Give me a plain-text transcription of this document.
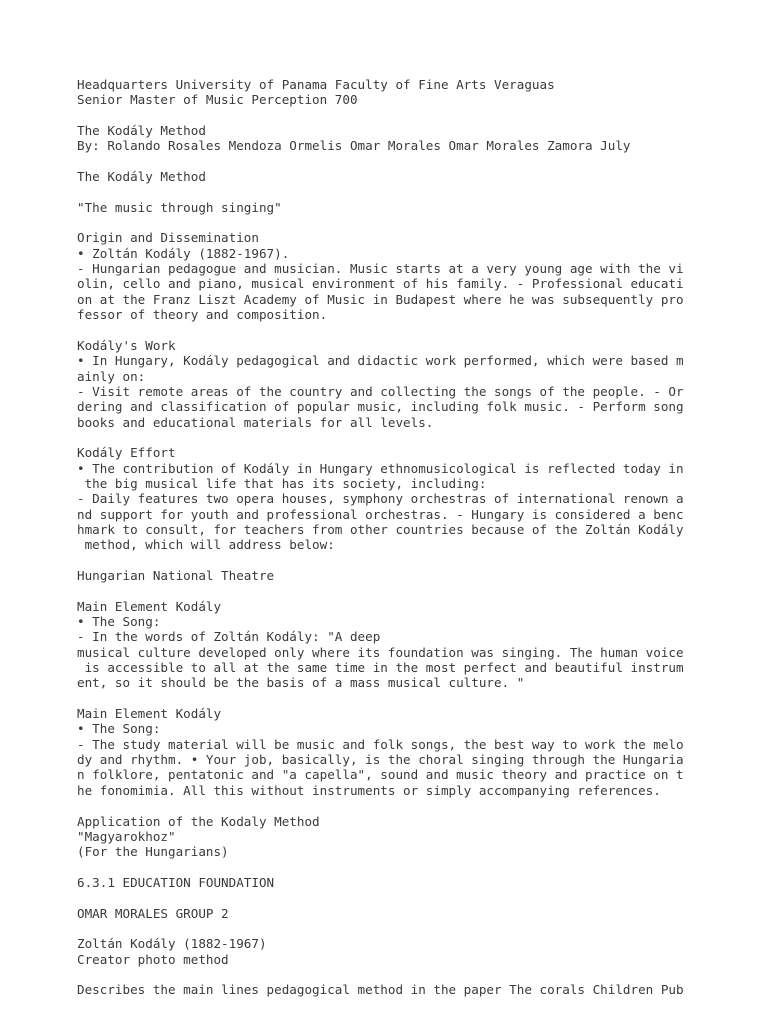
Headquarters University of Panama Faculty of Fine Arts Veraguas
Senior Master of Music Perception 700
The Kodály Method
By: Rolando Rosales Mendoza Ormelis Omar Morales Omar Morales Zamora July
The Kodály Method
"The music through singing"
Origin and Dissemination
• Zoltán Kodály (1882-1967).
- Hungarian pedagogue and musician. Music starts at a very young age with the vi
olin, cello and piano, musical environment of his family. - Professional educati
on at the Franz Liszt Academy of Music in Budapest where he was subsequently pro
fessor of theory and composition.
Kodály's Work
• In Hungary, Kodály pedagogical and didactic work performed, which were based m
ainly on:
- Visit remote areas of the country and collecting the songs of the people. - Or
dering and classification of popular music, including folk music. - Perform song
books and educational materials for all levels.
Kodály Effort
• The contribution of Kodály in Hungary ethnomusicological is reflected today in
the big musical life that has its society, including:
- Daily features two opera houses, symphony orchestras of international renown a
nd support for youth and professional orchestras. - Hungary is considered a benc
hmark to consult, for teachers from other countries because of the Zoltán Kodály
method, which will address below:
Hungarian National Theatre
Main Element Kodály
• The Song:
- In the words of Zoltán Kodály: "A deep
musical culture developed only where its foundation was singing. The human voice
is accessible to all at the same time in the most perfect and beautiful instrum
ent, so it should be the basis of a mass musical culture. "
Main Element Kodály
• The Song:
- The study material will be music and folk songs, the best way to work the melo
dy and rhythm. • Your job, basically, is the choral singing through the Hungaria
n folklore, pentatonic and "a capella", sound and music theory and practice on t
he fonomimia. All this without instruments or simply accompanying references.
Application of the Kodaly Method
"Magyarokhoz"
(For the Hungarians)
6.3.1 EDUCATION FOUNDATION
OMAR MORALES GROUP 2
Zoltán Kodály (1882-1967)
Creator photo method
Describes the main lines pedagogical method in the paper The corals Children Pub
